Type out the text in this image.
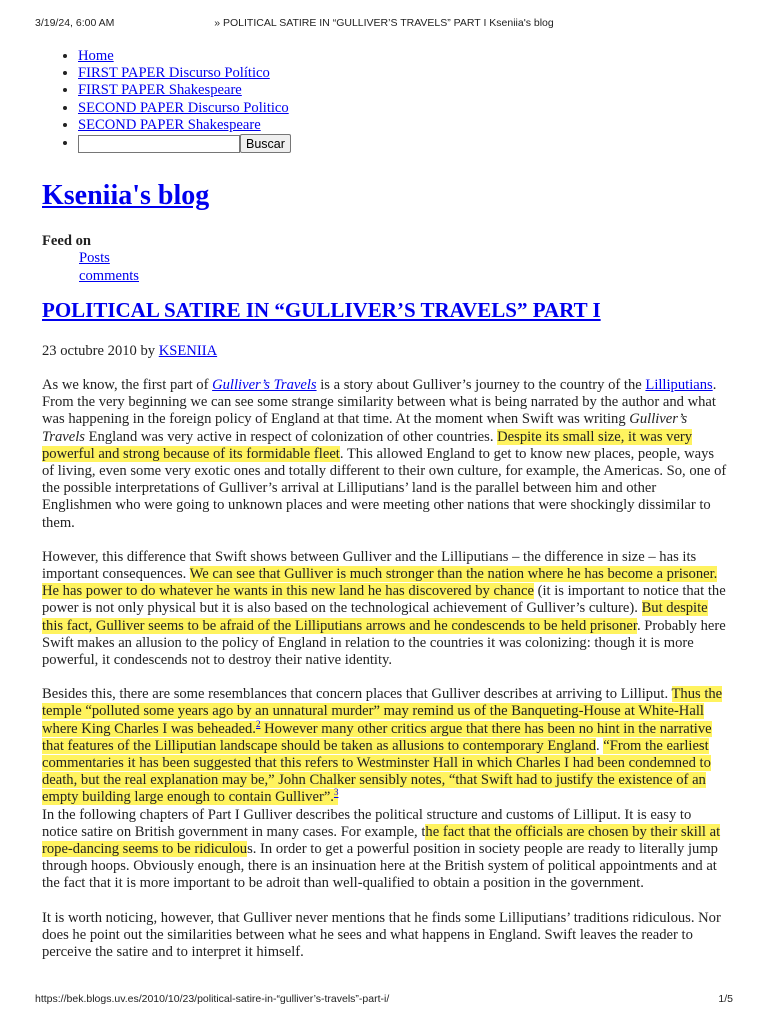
3/19/24, 6:00 AM	» POLITICAL SATIRE IN “GULLIVER’S TRAVELS” PART I Kseniia's blog
• Home
• FIRST PAPER Discurso Político
• FIRST PAPER Shakespeare
• SECOND PAPER Discurso Politico
• SECOND PAPER Shakespeare
• Buscar
Kseniia's blog
Feed on
Posts
comments
POLITICAL SATIRE IN “GULLIVER’S TRAVELS” PART I
23 octubre 2010 by KSENIIA

As we know, the first part of Gulliver’s Travels is a story about Gulliver’s journey to the country of the Lilliputians. From the very beginning we can see some strange similarity between what is being narrated by the author and what was happening in the foreign policy of England at that time. At the moment when Swift was writing Gulliver’s Travels England was very active in respect of colonization of other countries. Despite its small size, it was very powerful and strong because of its formidable fleet. This allowed England to get to know new places, people, ways of living, even some very exotic ones and totally different to their own culture, for example, the Americas. So, one of the possible interpretations of Gulliver’s arrival at Lilliputians’ land is the parallel between him and other Englishmen who were going to unknown places and were meeting other nations that were shockingly dissimilar to them.

However, this difference that Swift shows between Gulliver and the Lilliputians – the difference in size – has its important consequences. We can see that Gulliver is much stronger than the nation where he has become a prisoner. He has power to do whatever he wants in this new land he has discovered by chance (it is important to notice that the power is not only physical but it is also based on the technological achievement of Gulliver’s culture). But despite this fact, Gulliver seems to be afraid of the Lilliputians arrows and he condescends to be held prisoner. Probably here Swift makes an allusion to the policy of England in relation to the countries it was colonizing: though it is more powerful, it condescends not to destroy their native identity.

Besides this, there are some resemblances that concern places that Gulliver describes at arriving to Lilliput. Thus the temple “polluted some years ago by an unnatural murder” may remind us of the Banqueting-House at White-Hall where King Charles I was beheaded.$^2$ However many other critics argue that there has been no hint in the narrative that features of the Lilliputian landscape should be taken as allusions to contemporary England. “From the earliest commentaries it has been suggested that this refers to Westminster Hall in which Charles I had been condemned to death, but the real explanation may be,” John Chalker sensibly notes, “that Swift had to justify the existence of an empty building large enough to contain Gulliver”.$^3$

In the following chapters of Part I Gulliver describes the political structure and customs of Lilliput. It is easy to notice satire on British government in many cases. For example, the fact that the officials are chosen by their skill at rope-dancing seems to be ridiculous. In order to get a powerful position in society people are ready to literally jump through hoops. Obviously enough, there is an insinuation here at the British system of political appointments and at the fact that it is more important to be adroit than well-qualified to obtain a position in the government.

It is worth noticing, however, that Gulliver never mentions that he finds some Lilliputians’ traditions ridiculous. Nor does he point out the similarities between what he sees and what happens in England. Swift leaves the reader to perceive the satire and to interpret it himself.

https://bek.blogs.uv.es/2010/10/23/political-satire-in-“gulliver’s-travels”-part-i/	1/5
